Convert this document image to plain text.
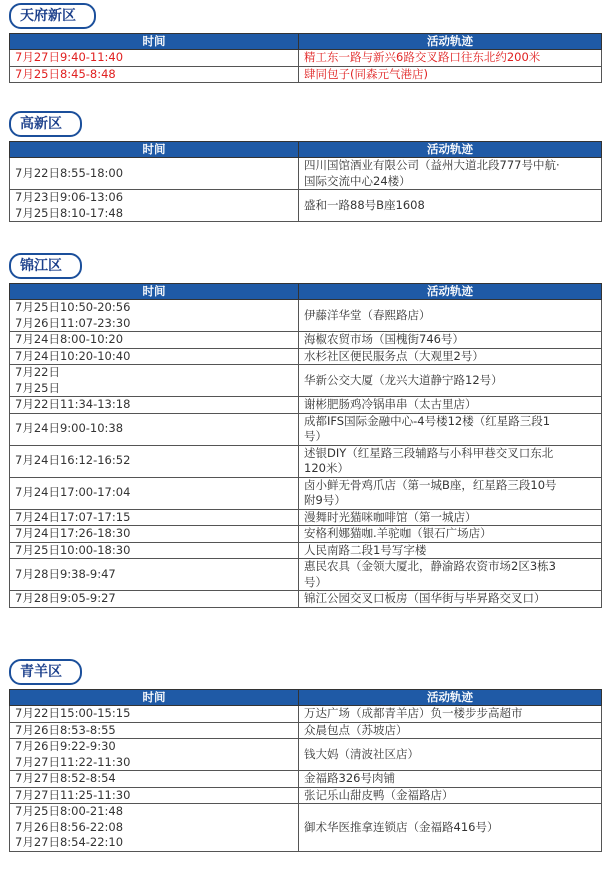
天府新区
时间	活动轨迹

7月27日9:40-11:40	精工东一路与新兴6路交叉路口往东北约200米

7月25日8:45-8:48	肆同包子(同森元气港店)
高新区
时间	活动轨迹

7月22日8:55-18:00	四川国馆酒业有限公司（益州大道北段777号中航·
国际交流中心24楼）

7月23日9:06-13:06
7月25日8:10-17:48	盛和一路88号B座1608
锦江区
时间	活动轨迹

7月25日10:50-20:56
7月26日11:07-23:30	伊藤洋华堂（春熙路店）

7月24日8:00-10:20	海椒农贸市场（国槐街746号）

7月24日10:20-10:40	水杉社区便民服务点（大观里2号）

7月22日
7月25日	华新公交大厦（龙兴大道静宁路12号）

7月22日11:34-13:18	谢彬肥肠鸡冷锅串串（太古里店）

7月24日9:00-10:38	成都IFS国际金融中心-4号楼12楼（红星路三段1
号）

7月24日16:12-16:52	述银DIY（红星路三段辅路与小科甲巷交叉口东北
120米）

7月24日17:00-17:04	卤小鲜无骨鸡爪店（第一城B座，红星路三段10号
附9号）

7月24日17:07-17:15	漫舞时光猫咪咖啡馆（第一城店）

7月24日17:26-18:30	安格利娜猫咖.羊驼咖（银石广场店）

7月25日10:00-18:30	人民南路二段1号写字楼

7月28日9:38-9:47	惠民农具（金领大厦北，静渝路农资市场2区3栋3
号）

7月28日9:05-9:27	锦江公园交叉口板房（国华街与毕昇路交叉口）
青羊区
时间	活动轨迹

7月22日15:00-15:15	万达广场（成都青羊店）负一楼步步高超市

7月26日8:53-8:55	众晨包点（苏坡店）

7月26日9:22-9:30
7月27日11:22-11:30	钱大妈（清波社区店）

7月27日8:52-8:54	金福路326号肉铺

7月27日11:25-11:30	张记乐山甜皮鸭（金福路店）

7月25日8:00-21:48
7月26日8:56-22:08
7月27日8:54-22:10	御术华医推拿连锁店（金福路416号）
